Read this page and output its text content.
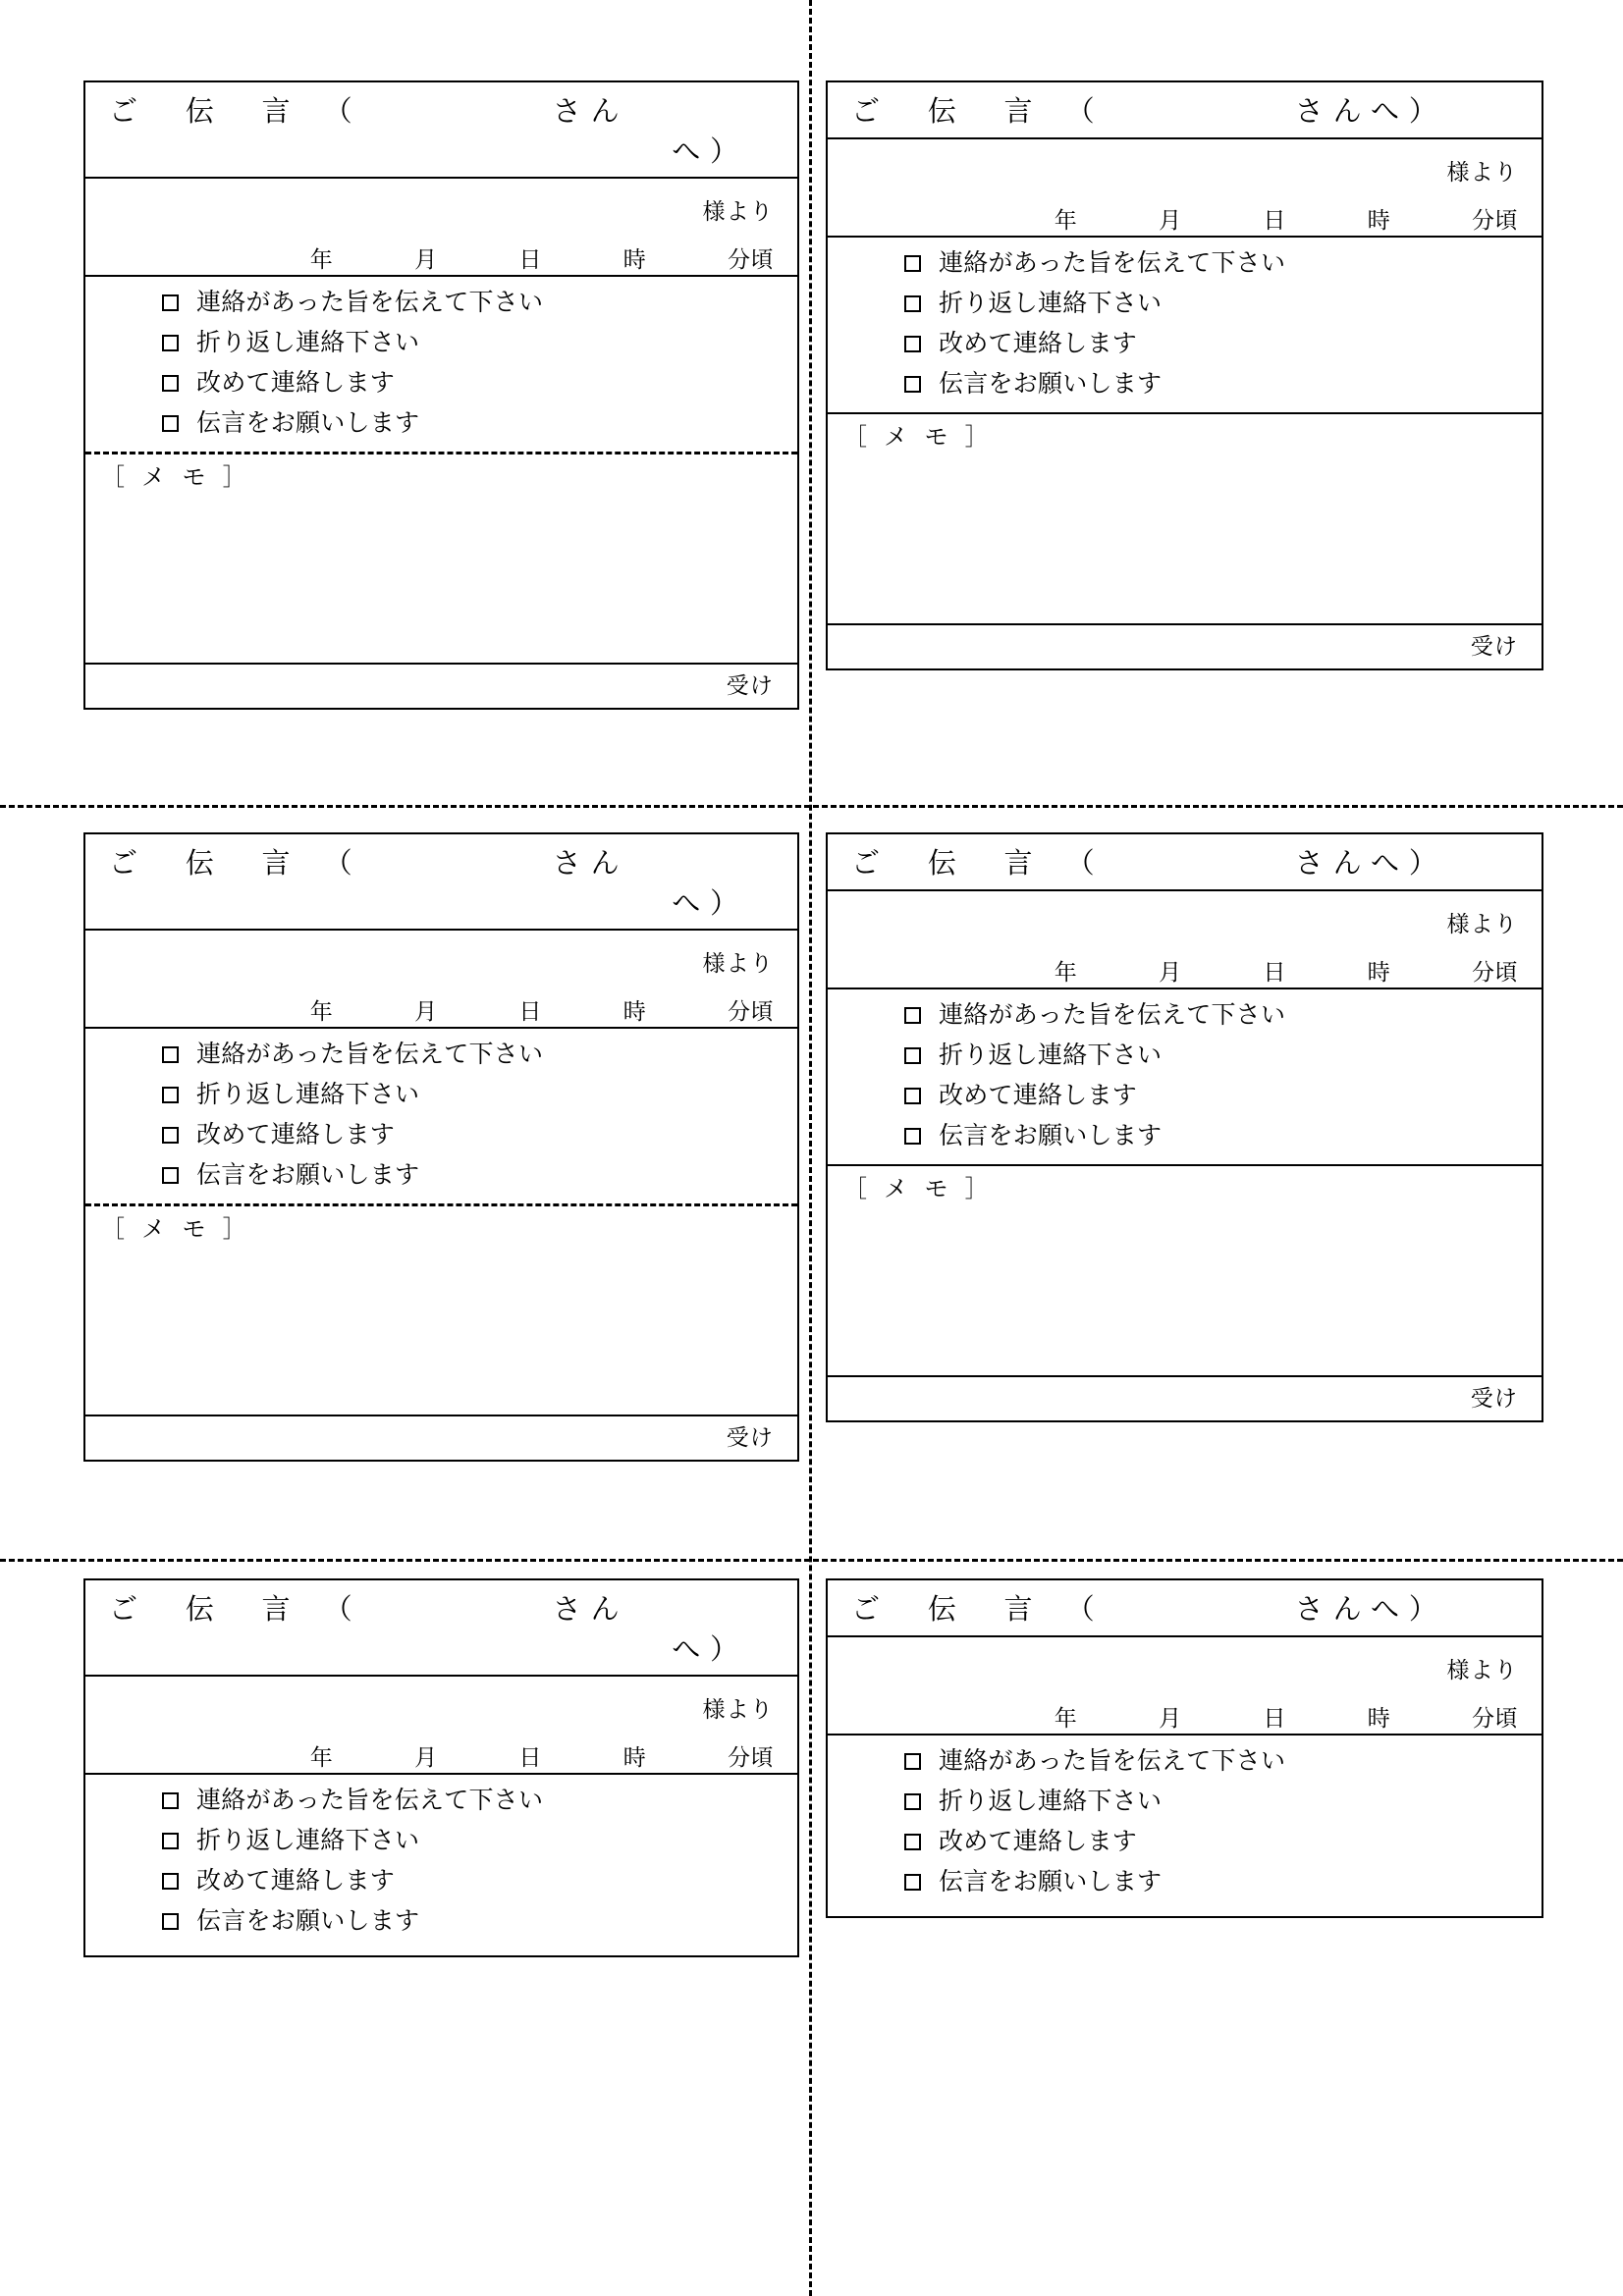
ご　伝　言　（　　　　　さん
へ）
様より
年	月	日	時	分頃
連絡があった旨を伝えて下さい
折り返し連絡下さい
改めて連絡します
伝言をお願いします
［ メ モ ］
受け
ご　伝　言　（　　　　　さんへ）
様より
年	月	日	時	分頃
連絡があった旨を伝えて下さい
折り返し連絡下さい
改めて連絡します
伝言をお願いします
［ メ モ ］
受け
ご　伝　言　（　　　　　さん
へ）
様より
年	月	日	時	分頃
連絡があった旨を伝えて下さい
折り返し連絡下さい
改めて連絡します
伝言をお願いします
［ メ モ ］
受け
ご　伝　言　（　　　　　さんへ）
様より
年	月	日	時	分頃
連絡があった旨を伝えて下さい
折り返し連絡下さい
改めて連絡します
伝言をお願いします
［ メ モ ］
受け
ご　伝　言　（　　　　　さん
へ）
様より
年	月	日	時	分頃
連絡があった旨を伝えて下さい
折り返し連絡下さい
改めて連絡します
伝言をお願いします
ご　伝　言　（　　　　　さんへ）
様より
年	月	日	時	分頃
連絡があった旨を伝えて下さい
折り返し連絡下さい
改めて連絡します
伝言をお願いします
